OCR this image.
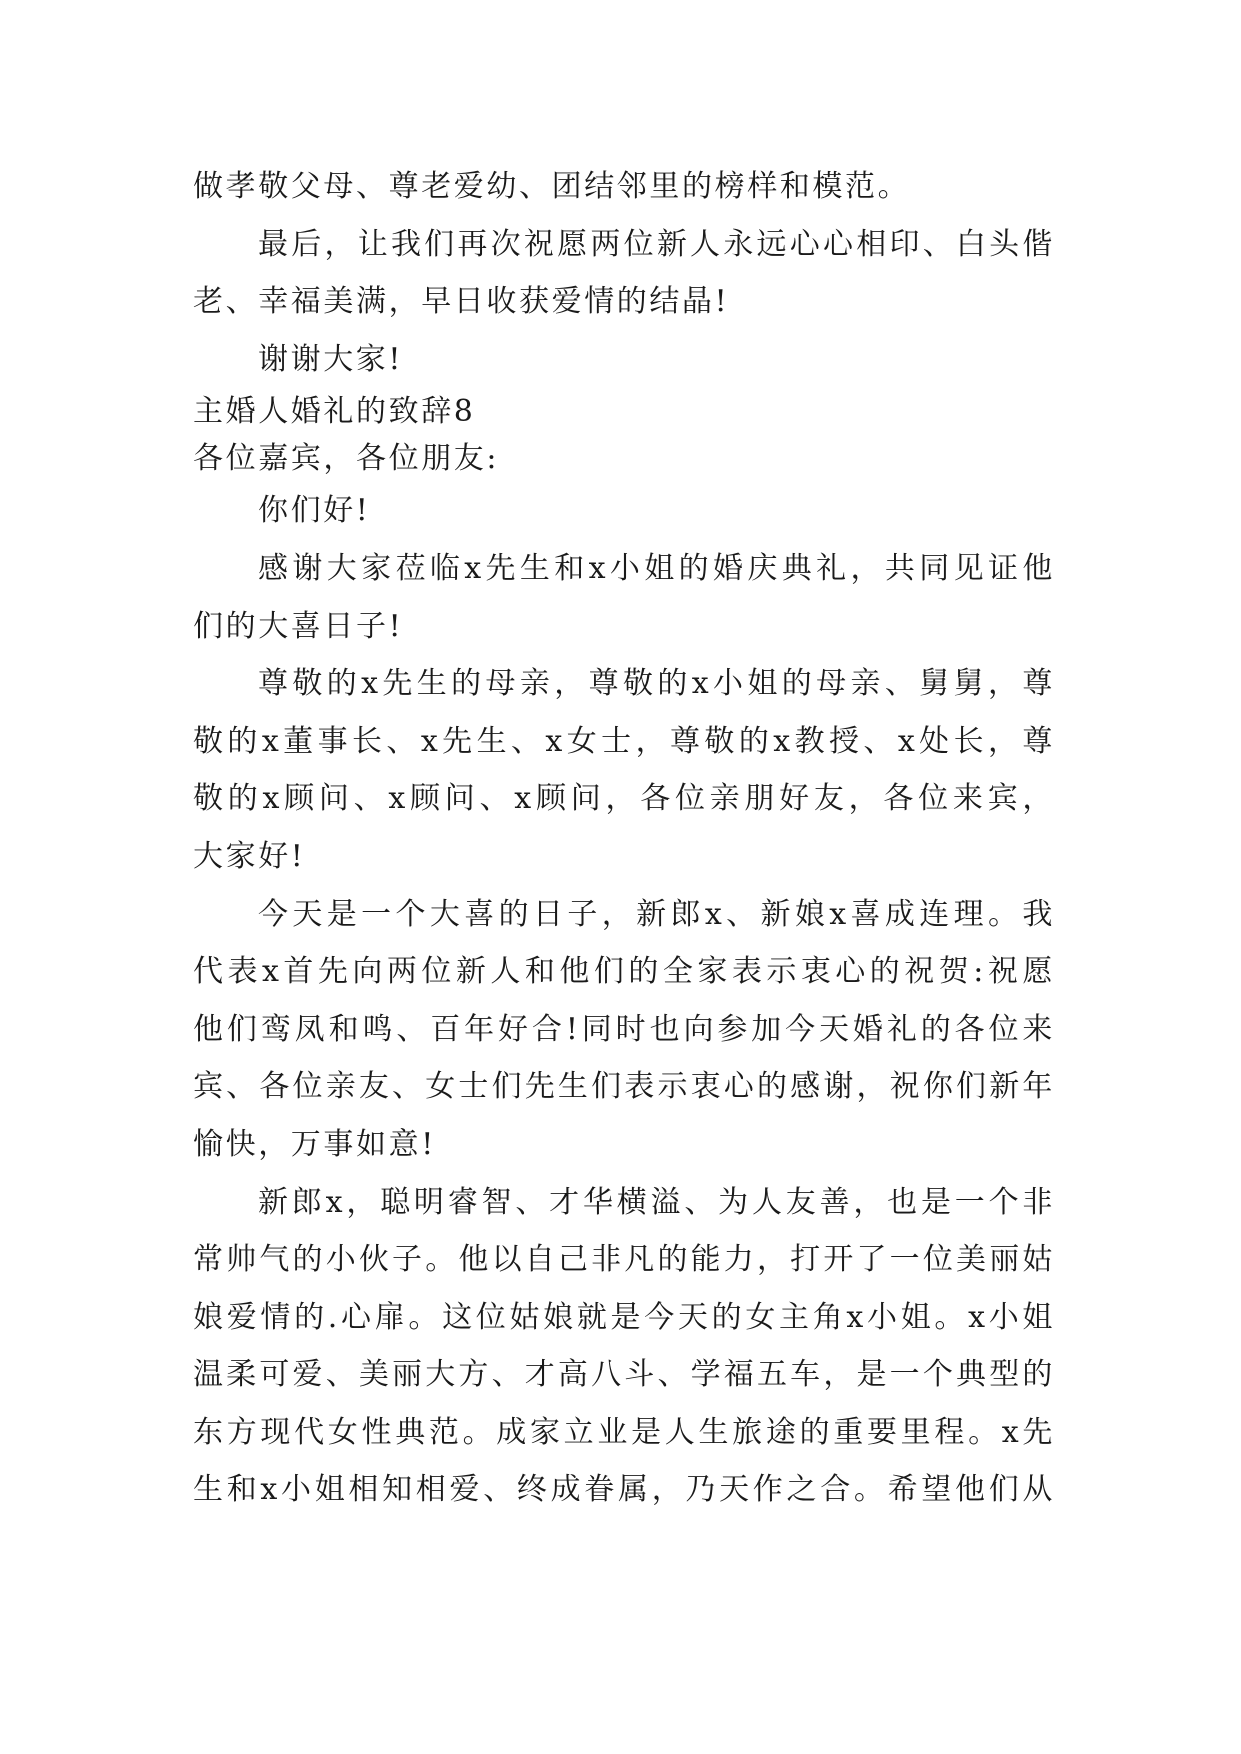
做孝敬父母、尊老爱幼、团结邻里的榜样和模范。
最后，让我们再次祝愿两位新人永远心心相印、白头偕
老、幸福美满，早日收获爱情的结晶!
谢谢大家!
主婚人婚礼的致辞8
各位嘉宾，各位朋友:
你们好!
感谢大家莅临x先生和x小姐的婚庆典礼，共同见证他
们的大喜日子!
尊敬的x先生的母亲，尊敬的x小姐的母亲、舅舅，尊
敬的x董事长、x先生、x女士，尊敬的x教授、x处长，尊
敬的x顾问、x顾问、x顾问，各位亲朋好友，各位来宾，
大家好!
今天是一个大喜的日子，新郎x、新娘x喜成连理。我
代表x首先向两位新人和他们的全家表示衷心的祝贺:祝愿
他们鸾凤和鸣、百年好合!同时也向参加今天婚礼的各位来
宾、各位亲友、女士们先生们表示衷心的感谢，祝你们新年
愉快，万事如意!
新郎x，聪明睿智、才华横溢、为人友善，也是一个非
常帅气的小伙子。他以自己非凡的能力，打开了一位美丽姑
娘爱情的.心扉。这位姑娘就是今天的女主角x小姐。x小姐
温柔可爱、美丽大方、才高八斗、学福五车，是一个典型的
东方现代女性典范。成家立业是人生旅途的重要里程。x先
生和x小姐相知相爱、终成眷属，乃天作之合。希望他们从
